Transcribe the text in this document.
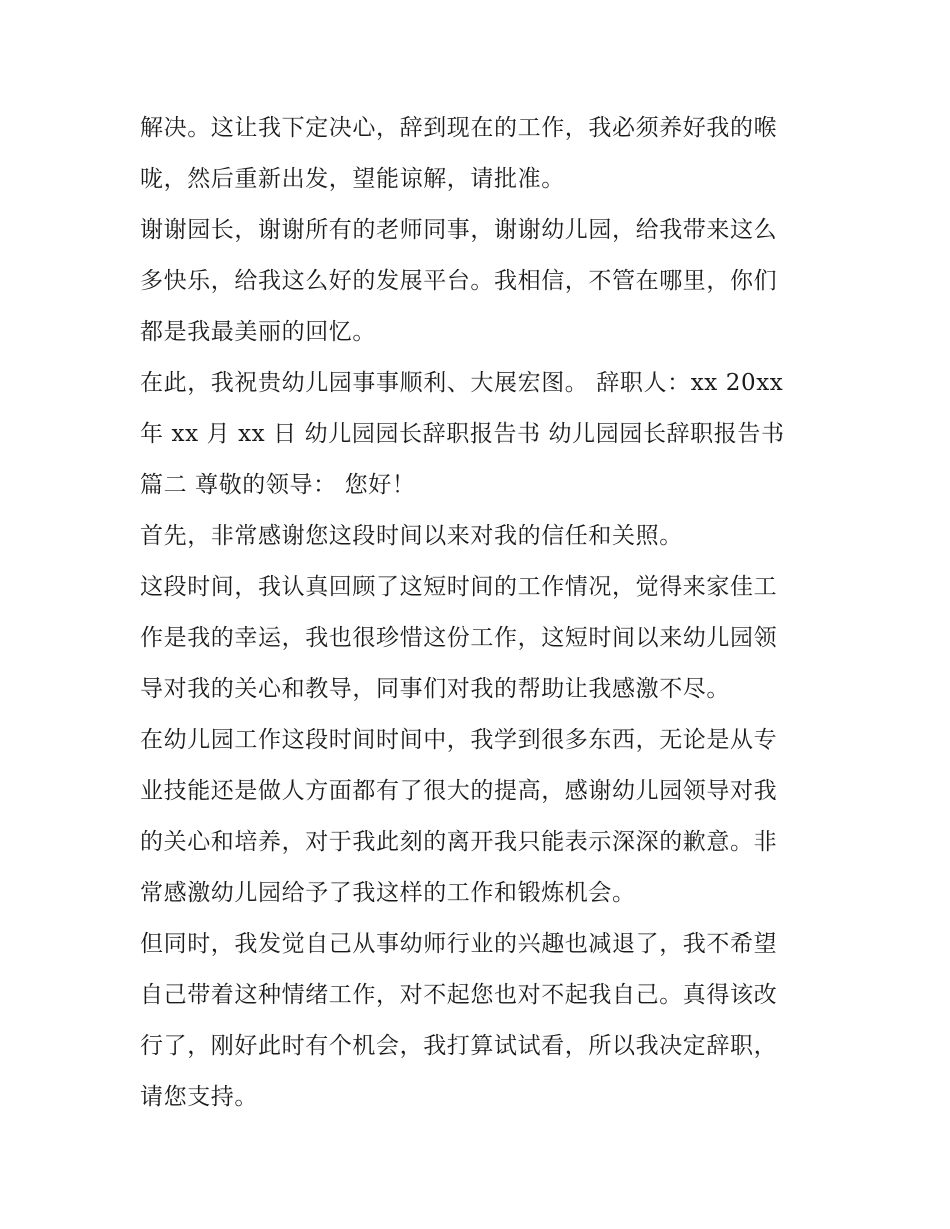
解决。这让我下定决心，辞到现在的工作，我必须养好我的喉
咙，然后重新出发，望能谅解，请批准。
谢谢园长，谢谢所有的老师同事，谢谢幼儿园，给我带来这么
多快乐，给我这么好的发展平台。我相信，不管在哪里，你们
都是我最美丽的回忆。
在此，我祝贵幼儿园事事顺利、大展宏图。 辞职人：xx 20xx
年 xx 月 xx 日 幼儿园园长辞职报告书 幼儿园园长辞职报告书
篇二 尊敬的领导： 您好！
首先，非常感谢您这段时间以来对我的信任和关照。
这段时间，我认真回顾了这短时间的工作情况，觉得来家佳工
作是我的幸运，我也很珍惜这份工作，这短时间以来幼儿园领
导对我的关心和教导，同事们对我的帮助让我感激不尽。
在幼儿园工作这段时间时间中，我学到很多东西，无论是从专
业技能还是做人方面都有了很大的提高，感谢幼儿园领导对我
的关心和培养，对于我此刻的离开我只能表示深深的歉意。非
常感激幼儿园给予了我这样的工作和锻炼机会。
但同时，我发觉自己从事幼师行业的兴趣也减退了，我不希望
自己带着这种情绪工作，对不起您也对不起我自己。真得该改
行了，刚好此时有个机会，我打算试试看，所以我决定辞职，
请您支持。
